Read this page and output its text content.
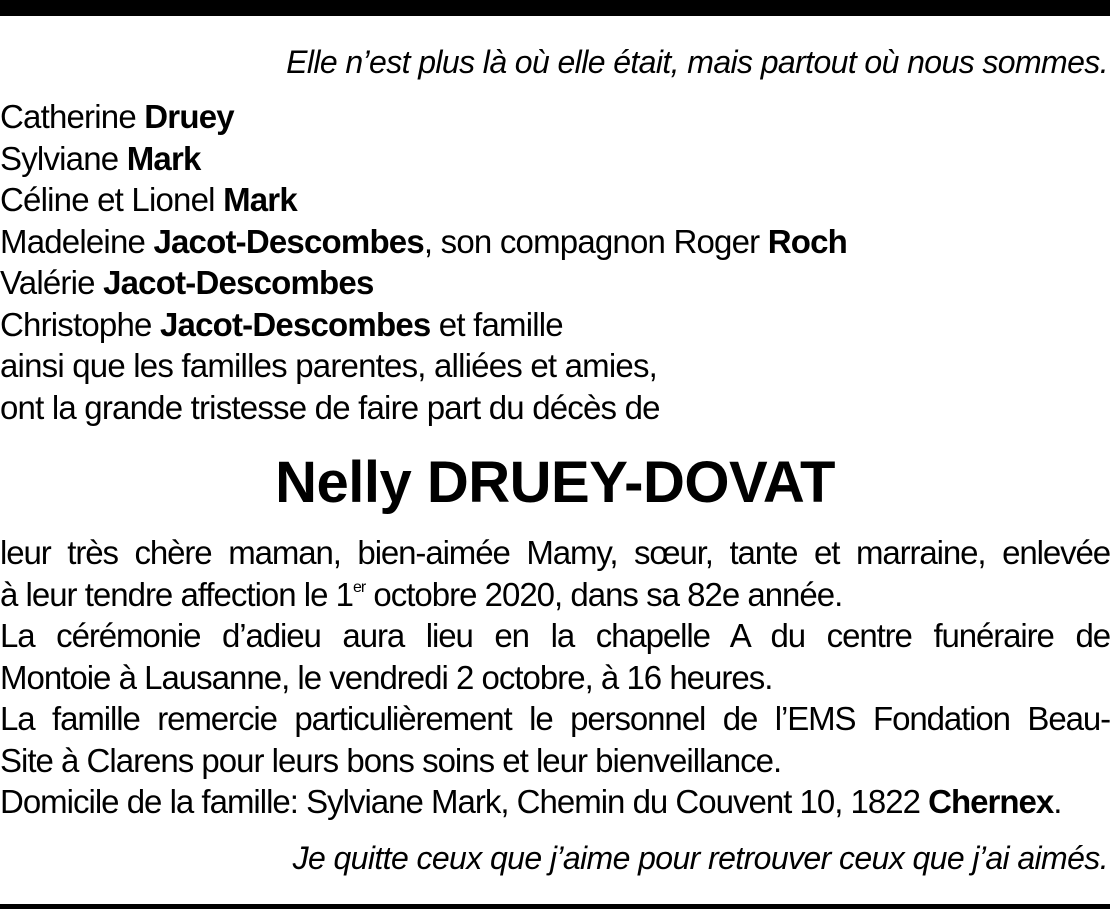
Elle n’est plus là où elle était, mais partout où nous sommes.
Catherine Druey
Sylviane Mark
Céline et Lionel Mark
Madeleine Jacot-Descombes, son compagnon Roger Roch
Valérie Jacot-Descombes
Christophe Jacot-Descombes et famille
ainsi que les familles parentes, alliées et amies,
ont la grande tristesse de faire part du décès de
Nelly DRUEY-DOVAT
leur très chère maman, bien-aimée Mamy, sœur, tante et marraine, enlevée
à leur tendre affection le 1er octobre 2020, dans sa 82e année.
La cérémonie d’adieu aura lieu en la chapelle A du centre funéraire de
Montoie à Lausanne, le vendredi 2 octobre, à 16 heures.
La famille remercie particulièrement le personnel de l’EMS Fondation Beau-
Site à Clarens pour leurs bons soins et leur bienveillance.
Domicile de la famille: Sylviane Mark, Chemin du Couvent 10, 1822 Chernex.
Je quitte ceux que j’aime pour retrouver ceux que j’ai aimés.
